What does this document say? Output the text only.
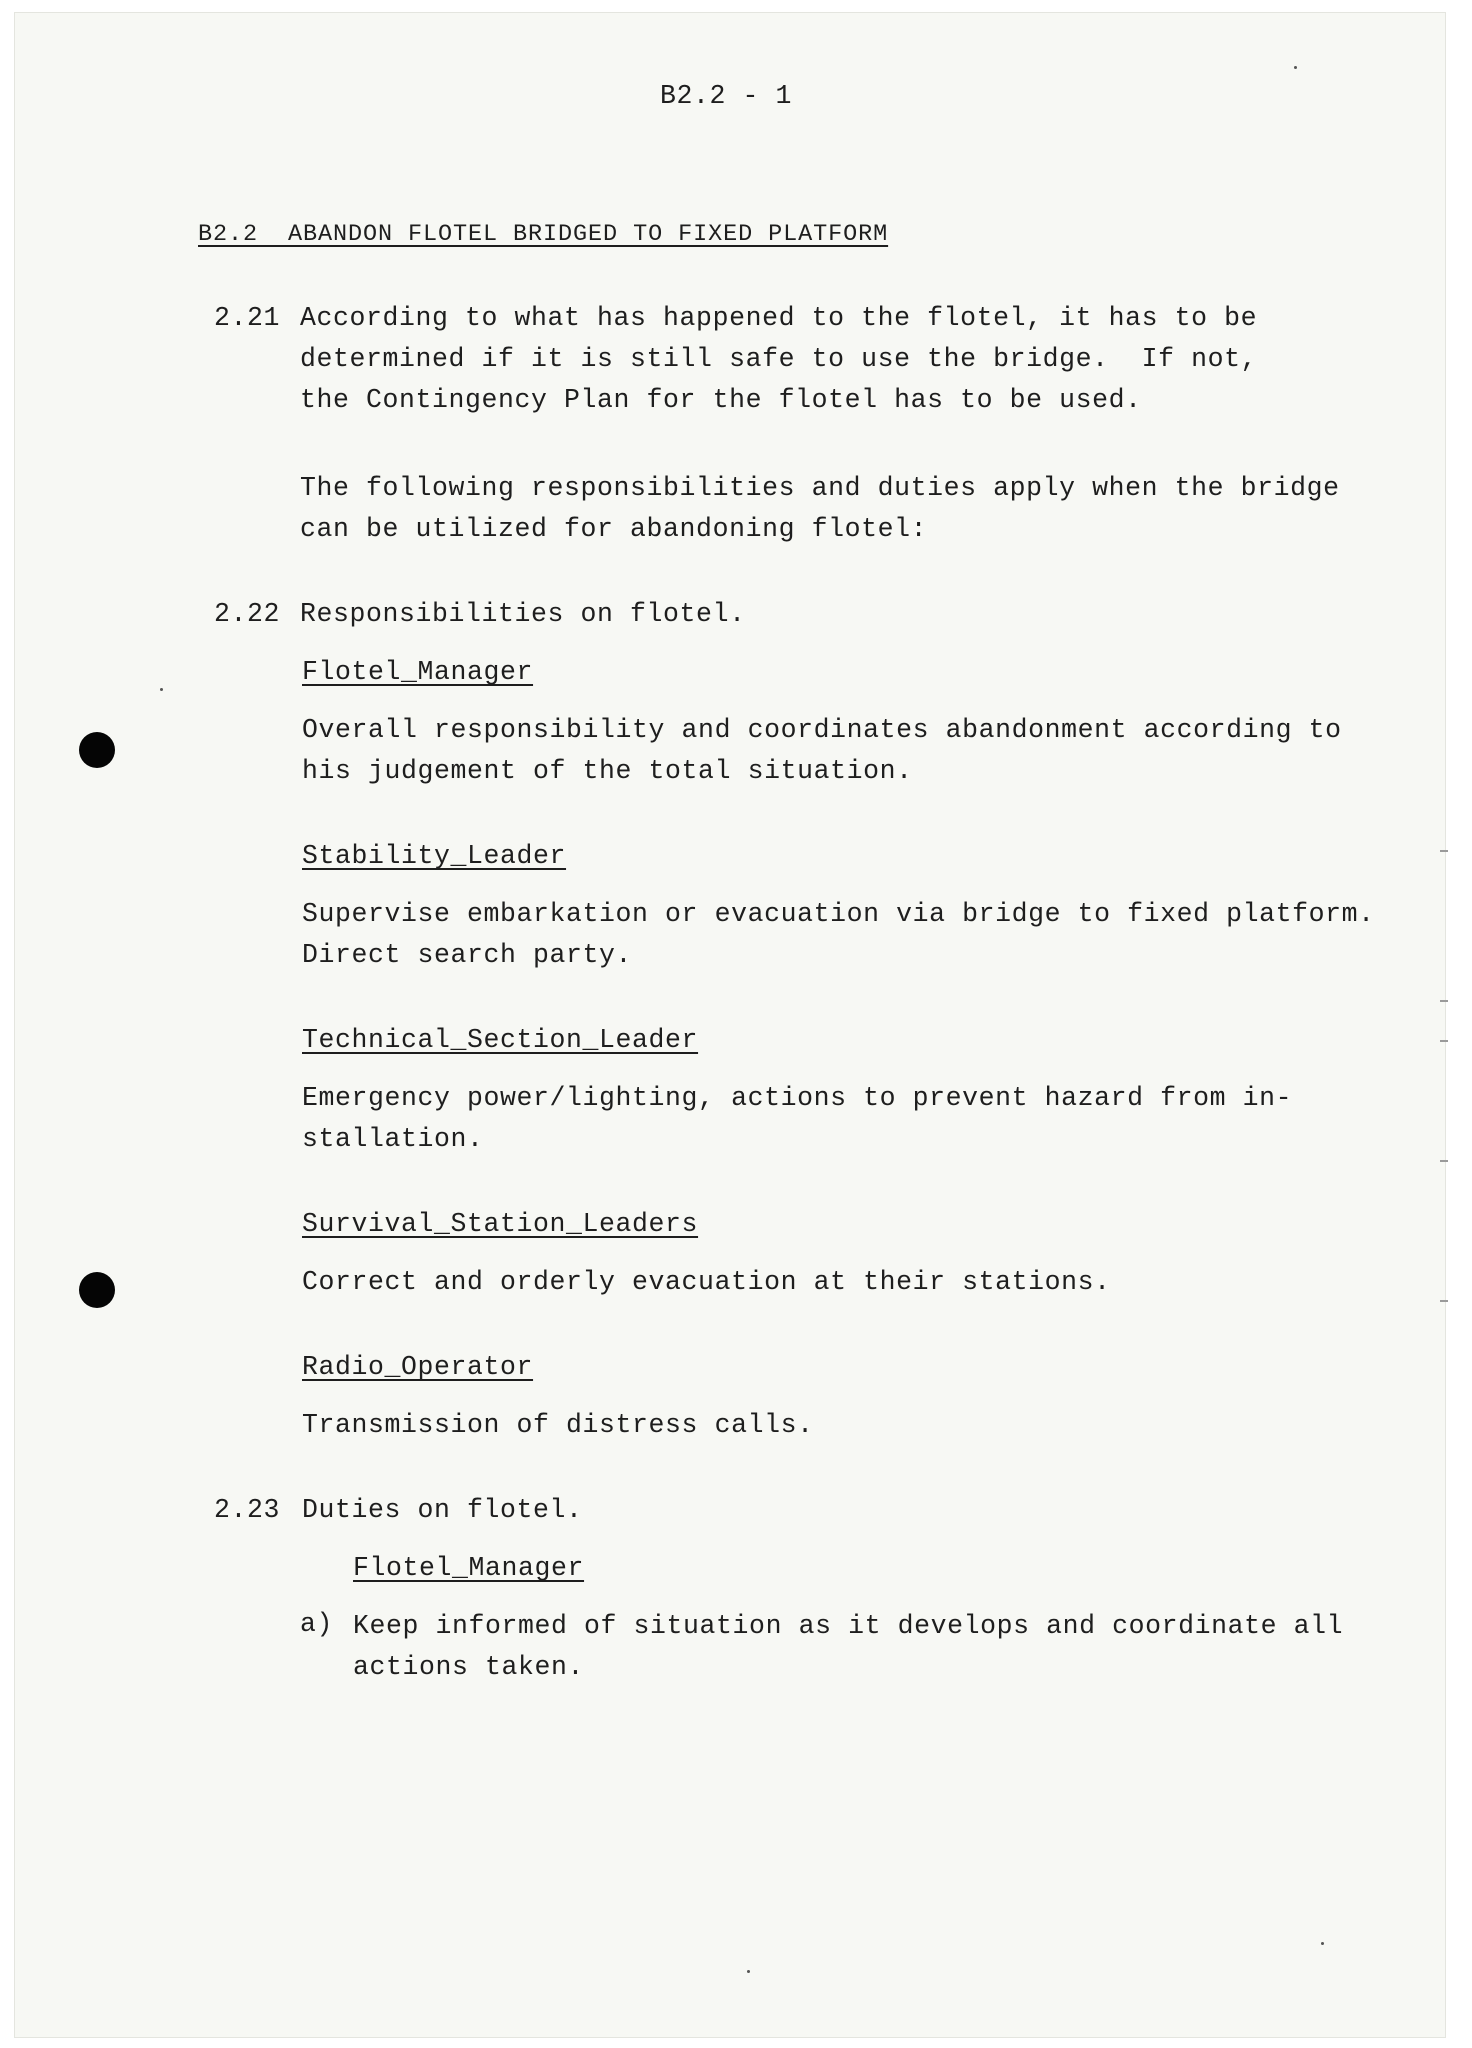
B2.2 - 1

B2.2  ABANDON FLOTEL BRIDGED TO FIXED PLATFORM

2.21 According to what has happened to the flotel, it has to be

determined if it is still safe to use the bridge.  If not,

the Contingency Plan for the flotel has to be used.

The following responsibilities and duties apply when the bridge

can be utilized for abandoning flotel:

2.22 Responsibilities on flotel.

Flotel_Manager

Overall responsibility and coordinates abandonment according to

his judgement of the total situation.

Stability_Leader

Supervise embarkation or evacuation via bridge to fixed platform.

Direct search party.

Technical_Section_Leader

Emergency power/lighting, actions to prevent hazard from in-

stallation.

Survival_Station_Leaders

Correct and orderly evacuation at their stations.

Radio_Operator

Transmission of distress calls.

2.23 Duties on flotel.

Flotel_Manager

a) Keep informed of situation as it develops and coordinate all

actions taken.
